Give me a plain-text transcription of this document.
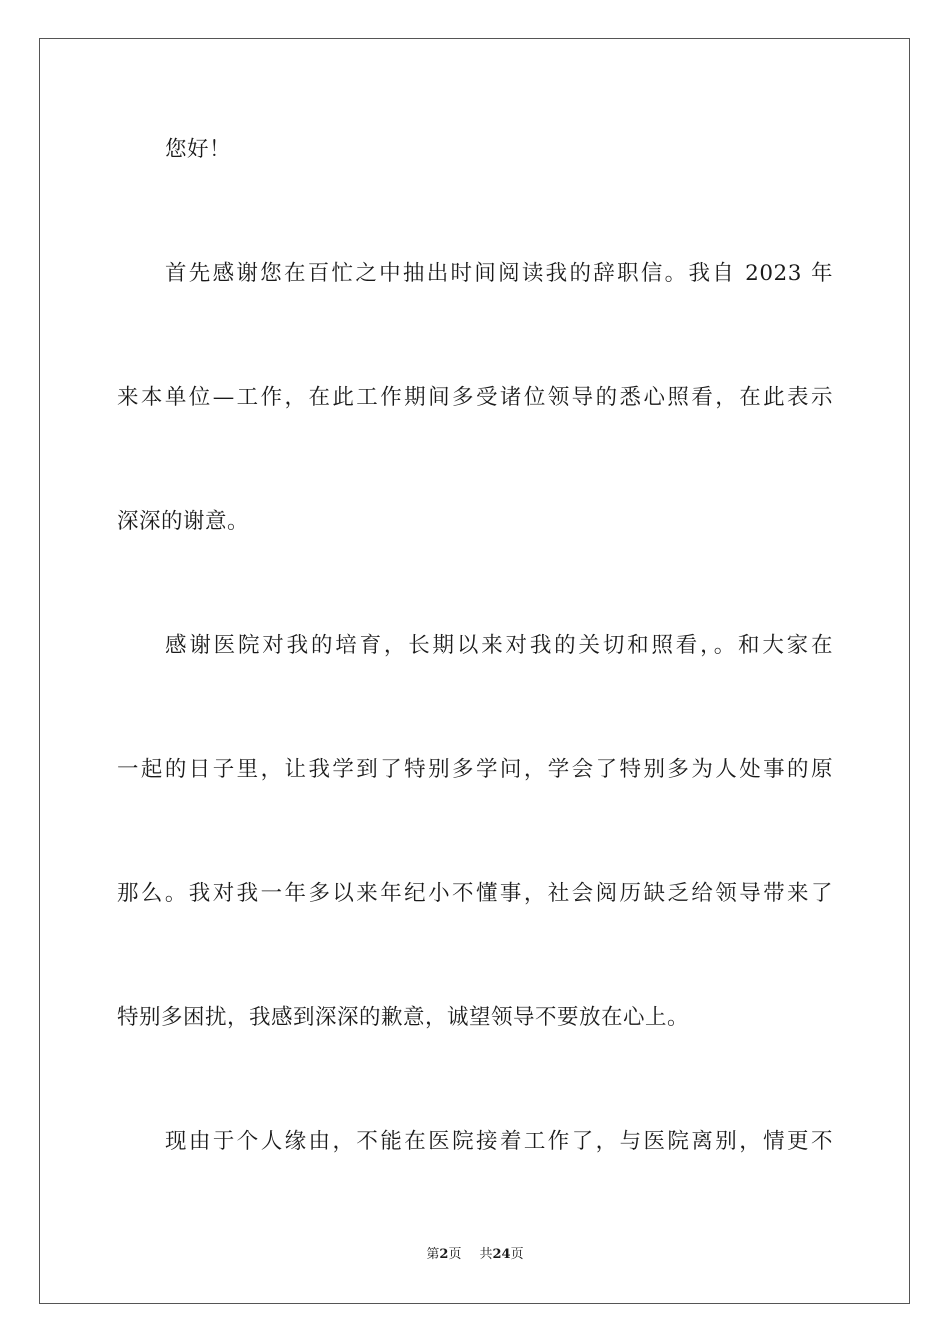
您好！
首先感谢您在百忙之中抽出时间阅读我的辞职信。我自 2023 年
来本单位—工作，在此工作期间多受诸位领导的悉心照看，在此表示
深深的谢意。
感谢医院对我的培育，长期以来对我的关切和照看，。和大家在
一起的日子里，让我学到了特别多学问，学会了特别多为人处事的原
那么。我对我一年多以来年纪小不懂事，社会阅历缺乏给领导带来了
特别多困扰，我感到深深的歉意，诚望领导不要放在心上。
现由于个人缘由，不能在医院接着工作了，与医院离别，情更不
第2页 共24页
